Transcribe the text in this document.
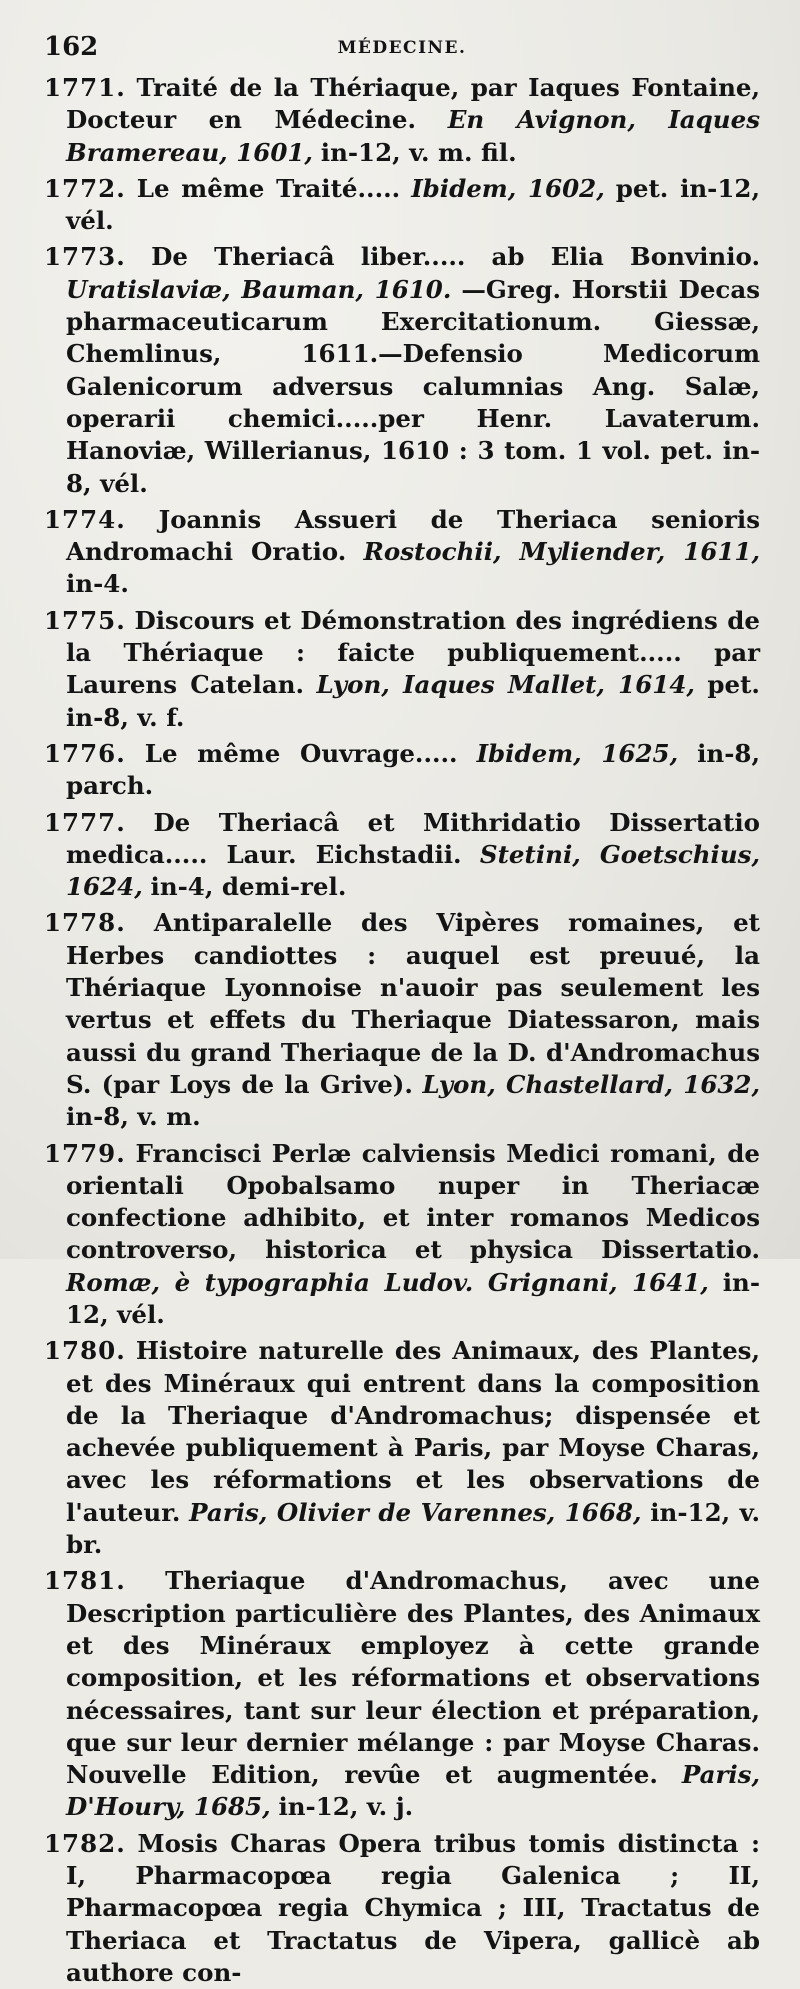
162	MÉDECINE.
1771. Traité de la Thériaque, par Iaques Fontaine, Docteur en Médecine. En Avignon, Iaques Bramereau, 1601, in-12, v. m. fil.
1772. Le même Traité..... Ibidem, 1602, pet. in-12, vél.
1773. De Theriacâ liber..... ab Elia Bonvinio. Uratislaviæ, Bauman, 1610. —Greg. Horstii Decas pharmaceuticarum Exercitationum. Giessæ, Chemlinus, 1611.—Defensio Medicorum Galenicorum adversus calumnias Ang. Salæ, operarii chemici.....per Henr. Lavaterum. Hanoviæ, Willerianus, 1610 : 3 tom. 1 vol. pet. in-8, vél.
1774. Joannis Assueri de Theriaca senioris Andromachi Oratio. Rostochii, Myliender, 1611, in-4.
1775. Discours et Démonstration des ingrédiens de la Thériaque : faicte publiquement..... par Laurens Catelan. Lyon, Iaques Mallet, 1614, pet. in-8, v. f.
1776. Le même Ouvrage..... Ibidem, 1625, in-8, parch.
1777. De Theriacâ et Mithridatio Dissertatio medica..... Laur. Eichstadii. Stetini, Goetschius, 1624, in-4, demi-rel.
1778. Antiparalelle des Vipères romaines, et Herbes candiottes : auquel est preuué, la Thériaque Lyonnoise n'auoir pas seulement les vertus et effets du Theriaque Diatessaron, mais aussi du grand Theriaque de la D. d'Andromachus S. (par Loys de la Grive). Lyon, Chastellard, 1632, in-8, v. m.
1779. Francisci Perlæ calviensis Medici romani, de orientali Opobalsamo nuper in Theriacæ confectione adhibito, et inter romanos Medicos controverso, historica et physica Dissertatio. Romæ, è typographia Ludov. Grignani, 1641, in-12, vél.
1780. Histoire naturelle des Animaux, des Plantes, et des Minéraux qui entrent dans la composition de la Theriaque d'Andromachus; dispensée et achevée publiquement à Paris, par Moyse Charas, avec les réformations et les observations de l'auteur. Paris, Olivier de Varennes, 1668, in-12, v. br.
1781. Theriaque d'Andromachus, avec une Description particulière des Plantes, des Animaux et des Minéraux employez à cette grande composition, et les réformations et observations nécessaires, tant sur leur élection et préparation, que sur leur dernier mélange : par Moyse Charas. Nouvelle Edition, revûe et augmentée. Paris, D'Houry, 1685, in-12, v. j.
1782. Mosis Charas Opera tribus tomis distincta : I, Pharmacopœa regia Galenica ; II, Pharmacopœa regia Chymica ; III, Tractatus de Theriaca et Tractatus de Vipera, gallicè ab authore con-
